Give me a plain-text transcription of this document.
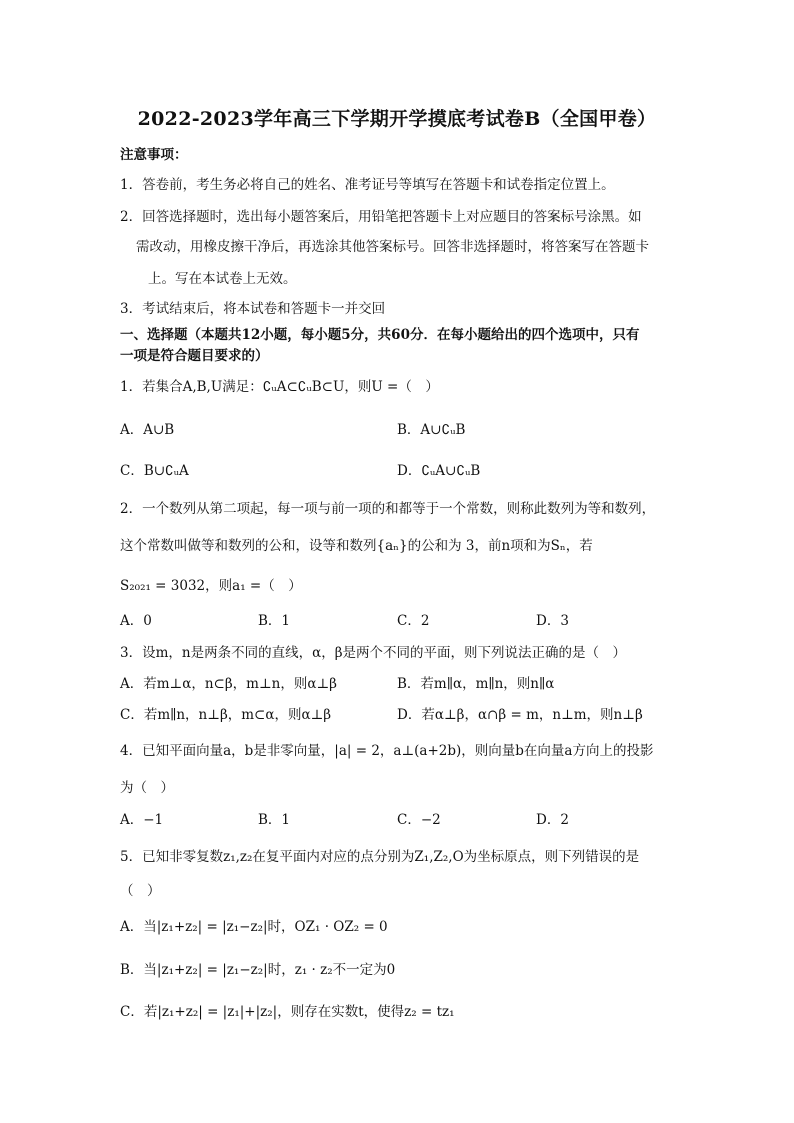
2022-2023学年高三下学期开学摸底考试卷B（全国甲卷）
注意事项：
1．答卷前，考生务必将自己的姓名、准考证号等填写在答题卡和试卷指定位置上。
2．回答选择题时，选出每小题答案后，用铅笔把答题卡上对应题目的答案标号涂黑。如
需改动，用橡皮擦干净后，再选涂其他答案标号。回答非选择题时，将答案写在答题卡
上。写在本试卷上无效。
3．考试结束后，将本试卷和答题卡一并交回
一、选择题（本题共12小题，每小题5分，共60分．在每小题给出的四个选项中，只有
一项是符合题目要求的）
1．若集合A,B,U满足：∁ᵤA⊂∁ᵤB⊂U，则U =（　）
A．A∪B	B．A∪∁ᵤB
C．B∪∁ᵤA	D．∁ᵤA∪∁ᵤB
2．一个数列从第二项起，每一项与前一项的和都等于一个常数，则称此数列为等和数列，
这个常数叫做等和数列的公和，设等和数列{aₙ}的公和为 3，前n项和为Sₙ，若
S₂₀₂₁ = 3032，则a₁ =（　）
A．0	B．1	C．2	D．3
3．设m，n是两条不同的直线，α，β是两个不同的平面，则下列说法正确的是（　）
A．若m⊥α，n⊂β，m⊥n，则α⊥β	B．若m∥α，m∥n，则n∥α
C．若m∥n，n⊥β，m⊂α，则α⊥β	D．若α⊥β，α∩β = m，n⊥m，则n⊥β
4．已知平面向量a，b是非零向量，|a| = 2，a⊥(a+2b)，则向量b在向量a方向上的投影
为（　）
A．−1	B．1	C．−2	D．2
5．已知非零复数z₁,z₂在复平面内对应的点分别为Z₁,Z₂,O为坐标原点，则下列错误的是
（　）
A．当|z₁+z₂| = |z₁−z₂|时，OZ₁ · OZ₂ = 0
B．当|z₁+z₂| = |z₁−z₂|时，z₁ · z₂不一定为0
C．若|z₁+z₂| = |z₁|+|z₂|，则存在实数t，使得z₂ = tz₁
